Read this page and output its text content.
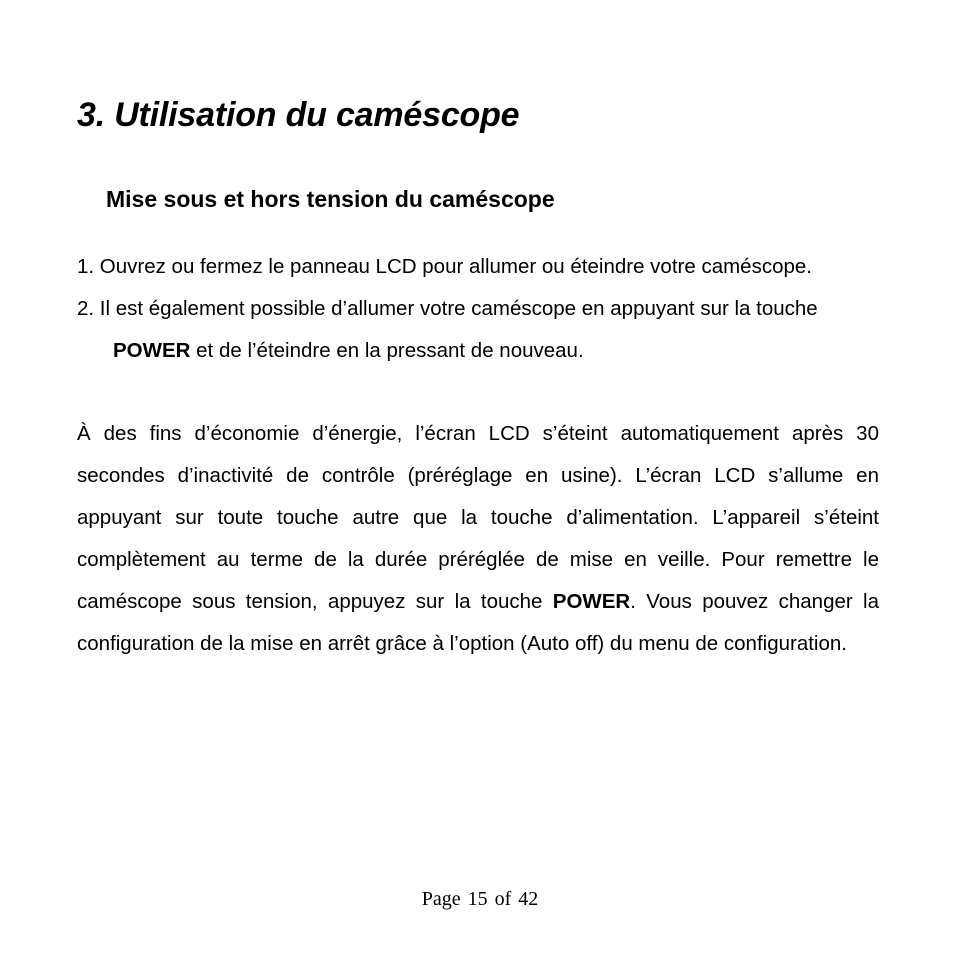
3. Utilisation du caméscope
Mise sous et hors tension du caméscope
1. Ouvrez ou fermez le panneau LCD pour allumer ou éteindre votre caméscope.
2. Il est également possible d’allumer votre caméscope en appuyant sur la touche POWER et de l’éteindre en la pressant de nouveau.

À des fins d’économie d’énergie, l’écran LCD s’éteint automatiquement après 30 secondes d’inactivité de contrôle (préréglage en usine). L’écran LCD s’allume en appuyant sur toute touche autre que la touche d’alimentation. L’appareil s’éteint complètement au terme de la durée préréglée de mise en veille. Pour remettre le caméscope sous tension, appuyez sur la touche POWER. Vous pouvez changer la configuration de la mise en arrêt grâce à l’option (Auto off) du menu de configuration.

Page 15 of 42
